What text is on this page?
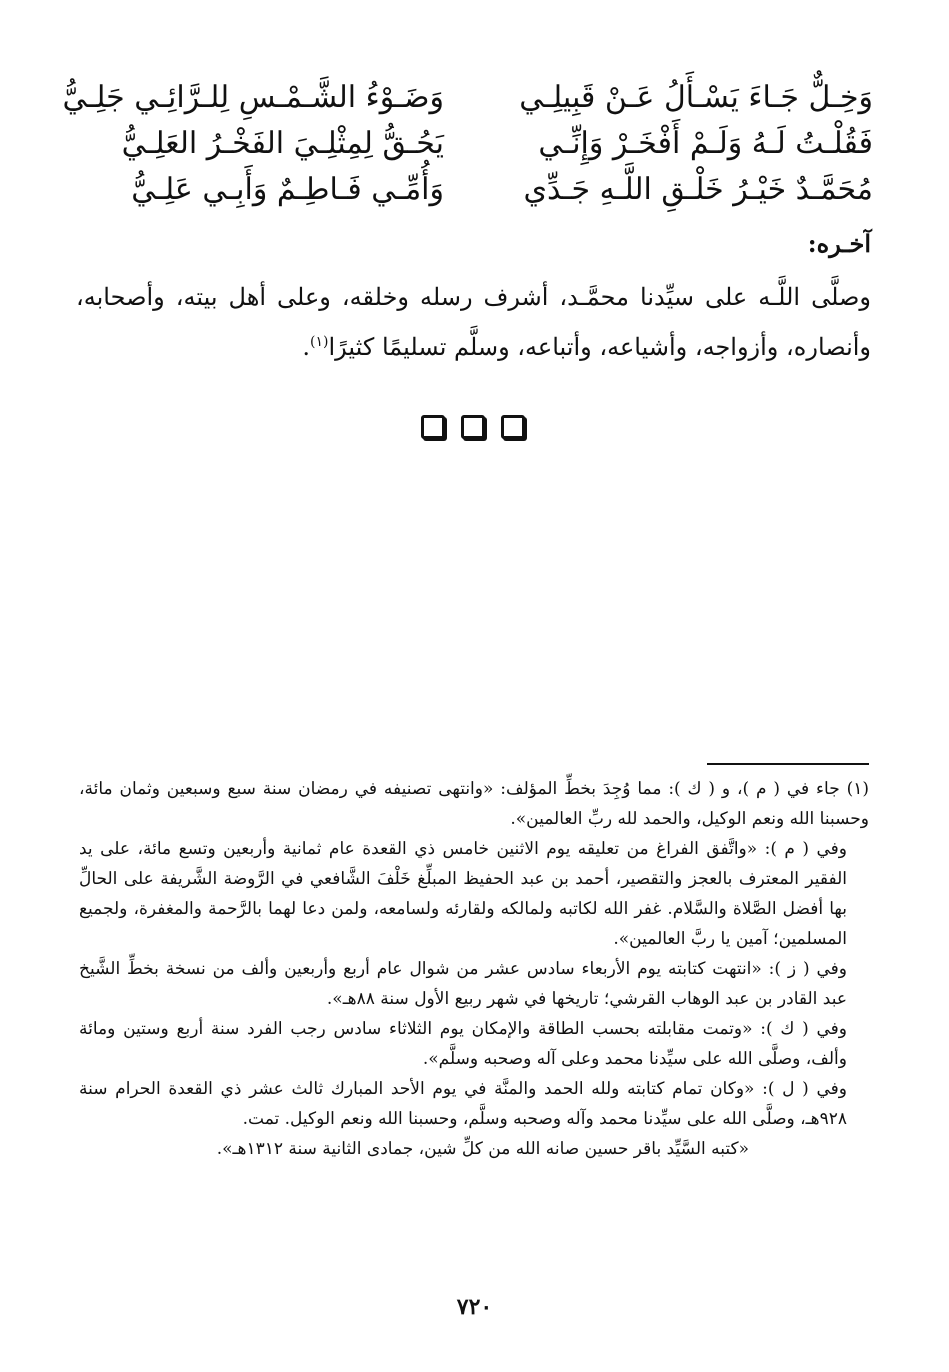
وَخِـلٌّ جَـاءَ يَسْـأَلُ عَـنْ قَبِيلِـي
وَضَـوْءُ الشَّـمْـسِ لِلـرَّائِـي جَلِـيُّ
فَقُلْـتُ لَـهُ وَلَـمْ أَفْخَـرْ وَإِنِّـي
يَحُـقُّ لِمِثْلِـيَ الفَخْـرُ العَلِـيُّ
مُحَمَّـدٌ خَيْـرُ خَلْـقِ اللَّـهِ جَـدِّي
وَأُمِّـي فَـاطِـمٌ وَأَبِـي عَلِـيُّ
آخـره:
وصلَّى اللَّـه على سيِّدنا محمَّـد، أشرف رسله وخلقه، وعلى أهل بيته، وأصحابه، وأنصاره، وأزواجه، وأشياعه، وأتباعه، وسلَّم تسليمًا كثيرًا$^{(١)}$.

(١) جاء في ( م )، و ( ك ): مما وُجِدَ بخطِّ المؤلف: «وانتهى تصنيفه في رمضان سنة سبع وسبعين وثمان مائة، وحسبنا الله ونعم الوكيل، والحمد لله ربِّ العالمين».

وفي ( م ): «واتَّفق الفراغ من تعليقه يوم الاثنين خامس ذي القعدة عام ثمانية وأربعين وتسع مائة، على يد الفقير المعترف بالعجز والتقصير، أحمد بن عبد الحفيظ المبلِّغ خَلْفَ الشَّافعي في الرَّوضة الشَّريفة على الحالِّ بها أفضل الصَّلاة والسَّلام. غفر الله لكاتبه ولمالكه ولقارئه ولسامعه، ولمن دعا لهما بالرَّحمة والمغفرة، ولجميع المسلمين؛ آمين يا ربَّ العالمين».

وفي ( ز ): «انتهت كتابته يوم الأربعاء سادس عشر من شوال عام أربع وأربعين وألف من نسخة بخطِّ الشَّيخ عبد القادر بن عبد الوهاب القرشي؛ تاريخها في شهر ربيع الأول سنة ٨٨هـ».

وفي ( ك ): «وتمت مقابلته بحسب الطاقة والإمكان يوم الثلاثاء سادس رجب الفرد سنة أربع وستين ومائة وألف، وصلَّى الله على سيِّدنا محمد وعلى آله وصحبه وسلَّم».

وفي ( ل ): «وكان تمام كتابته ولله الحمد والمنَّة في يوم الأحد المبارك ثالث عشر ذي القعدة الحرام سنة ٩٢٨هـ، وصلَّى الله على سيِّدنا محمد وآله وصحبه وسلَّم، وحسبنا الله ونعم الوكيل. تمت.

«كتبه السَّيِّد باقر حسين صانه الله من كلِّ شين، جمادى الثانية سنة ١٣١٢هـ».

٧٢٠
